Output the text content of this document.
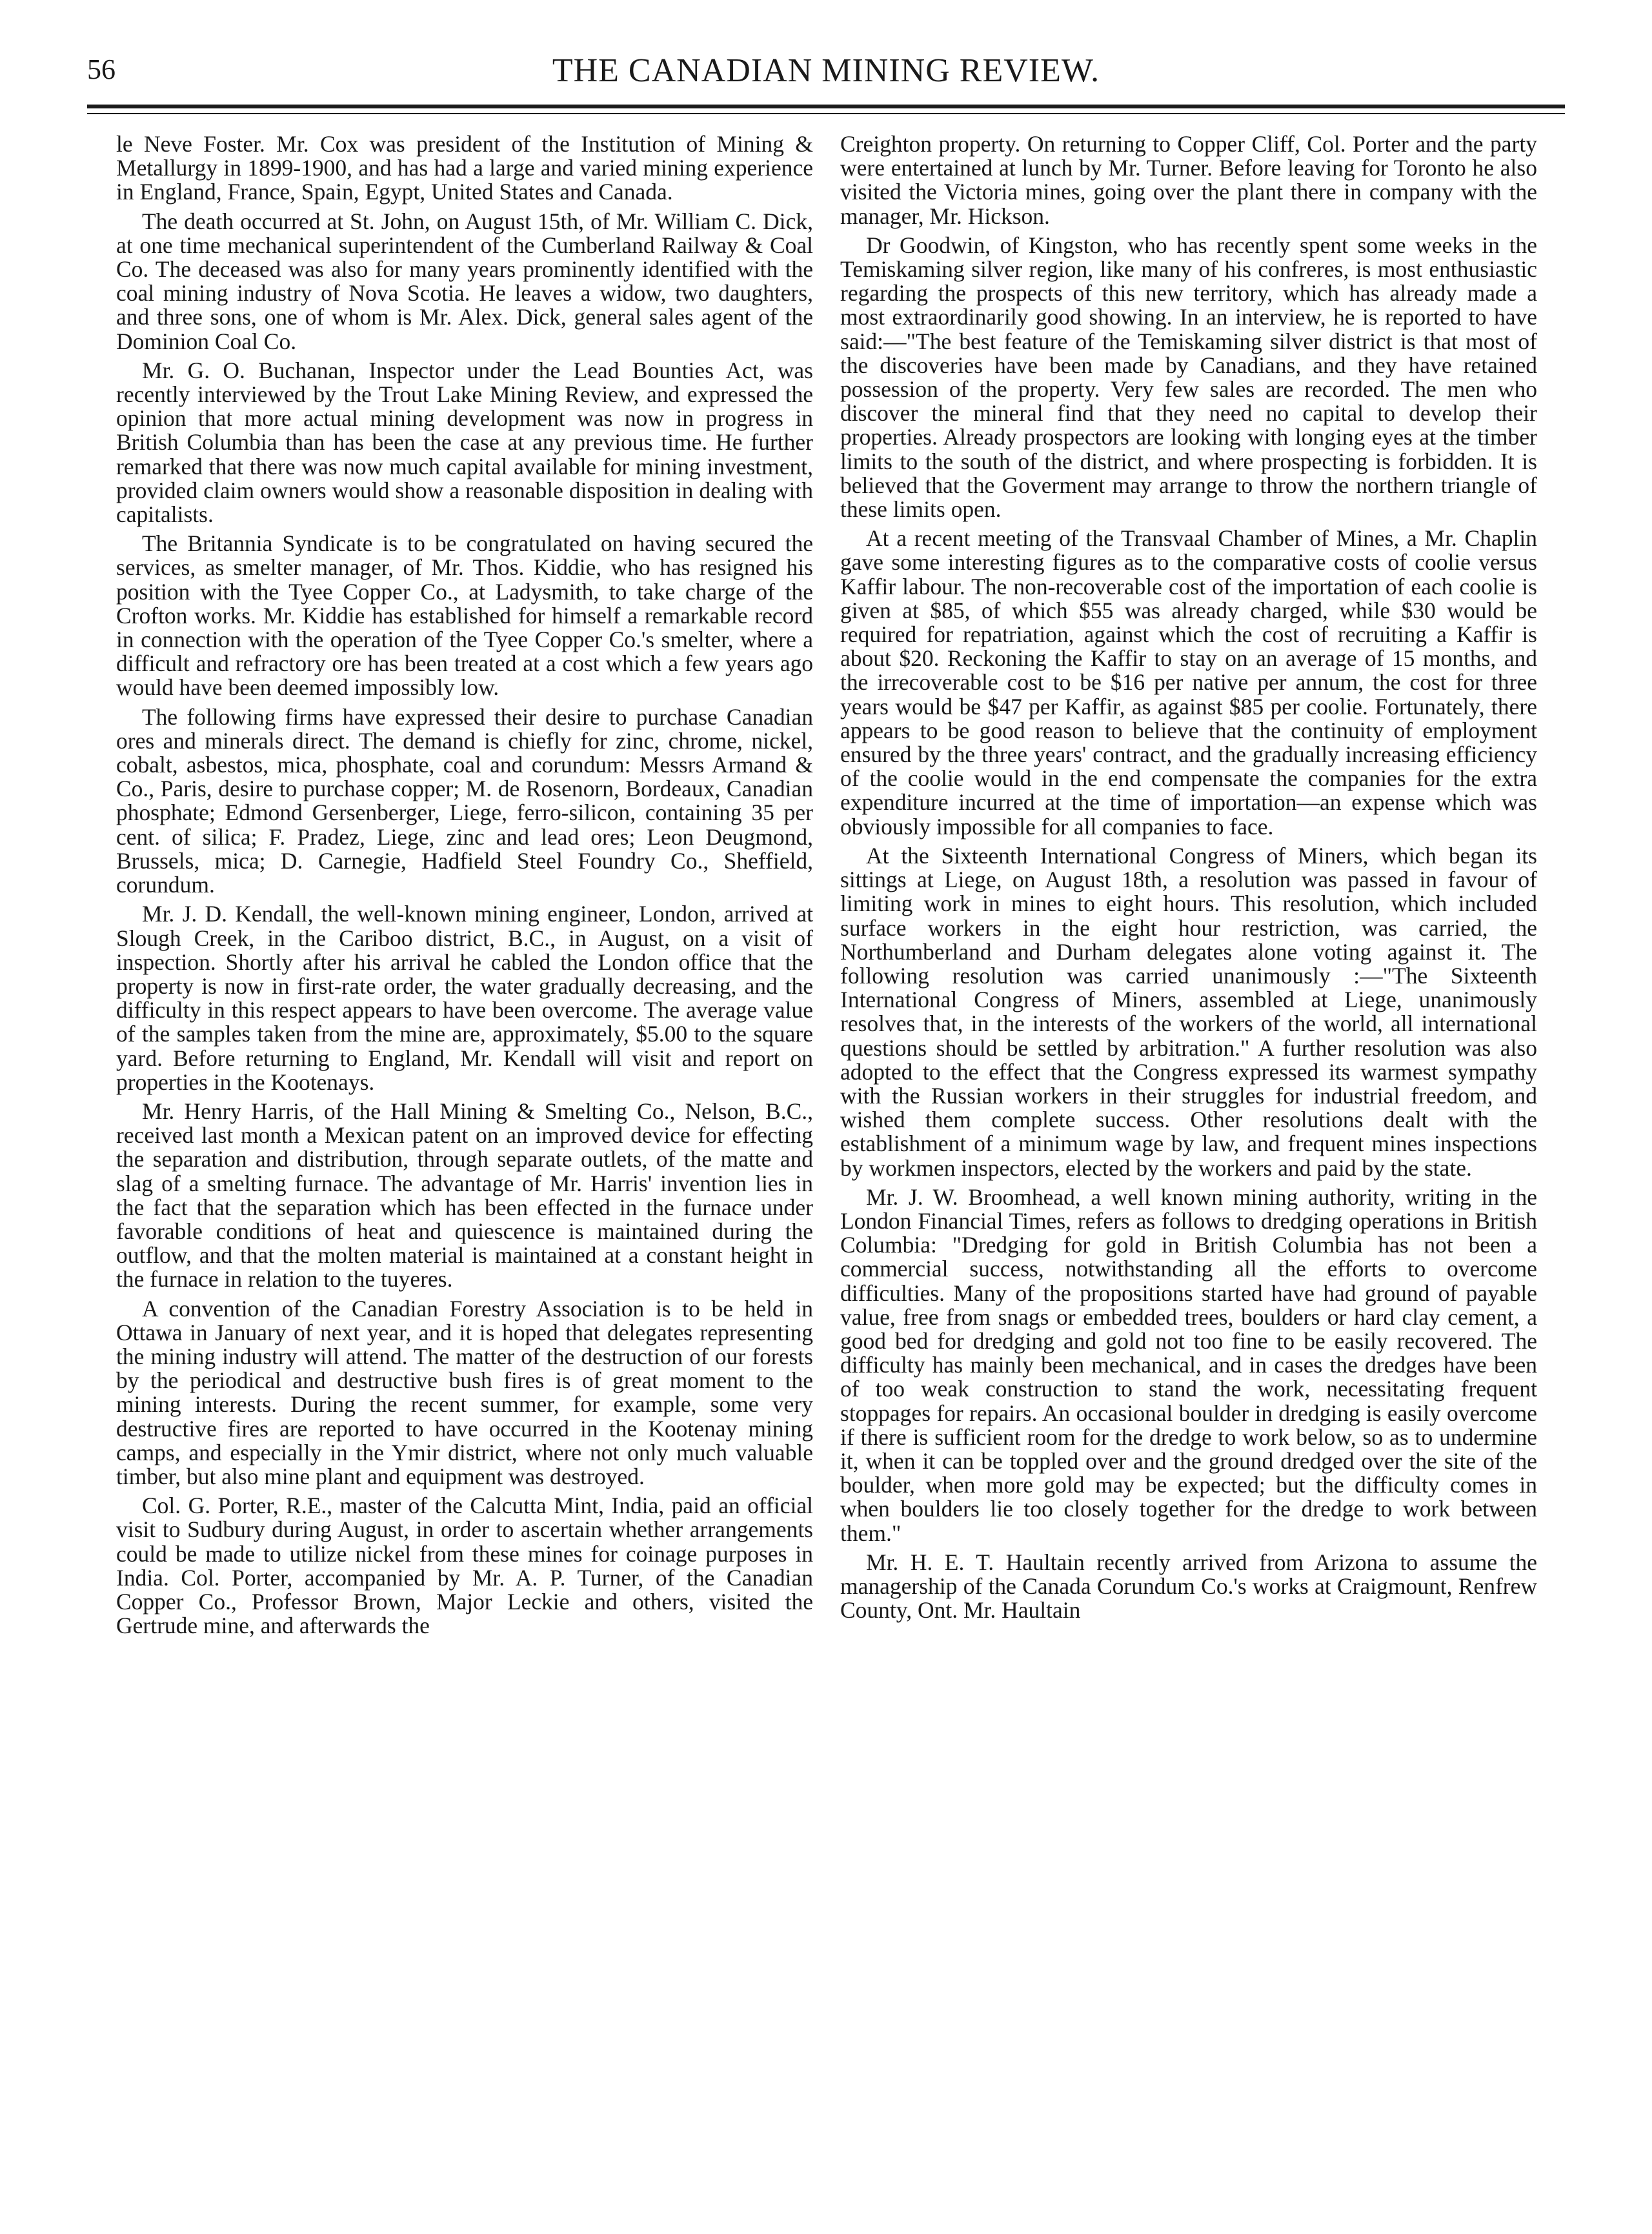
56	THE CANADIAN MINING REVIEW.

le Neve Foster. Mr. Cox was president of the Institution of Mining & Metallurgy in 1899-1900, and has had a large and varied mining experience in England, France, Spain, Egypt, United States and Canada.

The death occurred at St. John, on August 15th, of Mr. William C. Dick, at one time mechanical superintendent of the Cumberland Railway & Coal Co. The deceased was also for many years prominently identified with the coal mining industry of Nova Scotia. He leaves a widow, two daughters, and three sons, one of whom is Mr. Alex. Dick, general sales agent of the Dominion Coal Co.

Mr. G. O. Buchanan, Inspector under the Lead Bounties Act, was recently interviewed by the Trout Lake Mining Review, and expressed the opinion that more actual mining development was now in progress in British Columbia than has been the case at any previous time. He further remarked that there was now much capital available for mining investment, provided claim owners would show a reasonable disposition in dealing with capitalists.

The Britannia Syndicate is to be congratulated on having secured the services, as smelter manager, of Mr. Thos. Kiddie, who has resigned his position with the Tyee Copper Co., at Ladysmith, to take charge of the Crofton works. Mr. Kiddie has established for himself a remarkable record in connection with the operation of the Tyee Copper Co.'s smelter, where a difficult and refractory ore has been treated at a cost which a few years ago would have been deemed impossibly low.

The following firms have expressed their desire to purchase Canadian ores and minerals direct. The demand is chiefly for zinc, chrome, nickel, cobalt, asbestos, mica, phosphate, coal and corundum: Messrs Armand & Co., Paris, desire to purchase copper; M. de Rosenorn, Bordeaux, Canadian phosphate; Edmond Gersenberger, Liege, ferro-silicon, containing 35 per cent. of silica; F. Pradez, Liege, zinc and lead ores; Leon Deugmond, Brussels, mica; D. Carnegie, Hadfield Steel Foundry Co., Sheffield, corundum.

Mr. J. D. Kendall, the well-known mining engineer, London, arrived at Slough Creek, in the Cariboo district, B.C., in August, on a visit of inspection. Shortly after his arrival he cabled the London office that the property is now in first-rate order, the water gradually decreasing, and the difficulty in this respect appears to have been overcome. The average value of the samples taken from the mine are, approximately, $5.00 to the square yard. Before returning to England, Mr. Kendall will visit and report on properties in the Kootenays.

Mr. Henry Harris, of the Hall Mining & Smelting Co., Nelson, B.C., received last month a Mexican patent on an improved device for effecting the separation and distribution, through separate outlets, of the matte and slag of a smelting furnace. The advantage of Mr. Harris' invention lies in the fact that the separation which has been effected in the furnace under favorable conditions of heat and quiescence is maintained during the outflow, and that the molten material is maintained at a constant height in the furnace in relation to the tuyeres.

A convention of the Canadian Forestry Association is to be held in Ottawa in January of next year, and it is hoped that delegates representing the mining industry will attend. The matter of the destruction of our forests by the periodical and destructive bush fires is of great moment to the mining interests. During the recent summer, for example, some very destructive fires are reported to have occurred in the Kootenay mining camps, and especially in the Ymir district, where not only much valuable timber, but also mine plant and equipment was destroyed.

Col. G. Porter, R.E., master of the Calcutta Mint, India, paid an official visit to Sudbury during August, in order to ascertain whether arrangements could be made to utilize nickel from these mines for coinage purposes in India. Col. Porter, accompanied by Mr. A. P. Turner, of the Canadian Copper Co., Professor Brown, Major Leckie and others, visited the Gertrude mine, and afterwards the

Creighton property. On returning to Copper Cliff, Col. Porter and the party were entertained at lunch by Mr. Turner. Before leaving for Toronto he also visited the Victoria mines, going over the plant there in company with the manager, Mr. Hickson.

Dr Goodwin, of Kingston, who has recently spent some weeks in the Temiskaming silver region, like many of his confreres, is most enthusiastic regarding the prospects of this new territory, which has already made a most extraordinarily good showing. In an interview, he is reported to have said:—"The best feature of the Temiskaming silver district is that most of the discoveries have been made by Canadians, and they have retained possession of the property. Very few sales are recorded. The men who discover the mineral find that they need no capital to develop their properties. Already prospectors are looking with longing eyes at the timber limits to the south of the district, and where prospecting is forbidden. It is believed that the Goverment may arrange to throw the northern triangle of these limits open.

At a recent meeting of the Transvaal Chamber of Mines, a Mr. Chaplin gave some interesting figures as to the comparative costs of coolie versus Kaffir labour. The non-recoverable cost of the importation of each coolie is given at $85, of which $55 was already charged, while $30 would be required for repatriation, against which the cost of recruiting a Kaffir is about $20. Reckoning the Kaffir to stay on an average of 15 months, and the irrecoverable cost to be $16 per native per annum, the cost for three years would be $47 per Kaffir, as against $85 per coolie. Fortunately, there appears to be good reason to believe that the continuity of employment ensured by the three years' contract, and the gradually increasing efficiency of the coolie would in the end compensate the companies for the extra expenditure incurred at the time of importation—an expense which was obviously impossible for all companies to face.

At the Sixteenth International Congress of Miners, which began its sittings at Liege, on August 18th, a resolution was passed in favour of limiting work in mines to eight hours. This resolution, which included surface workers in the eight hour restriction, was carried, the Northumberland and Durham delegates alone voting against it. The following resolution was carried unanimously :—"The Sixteenth International Congress of Miners, assembled at Liege, unanimously resolves that, in the interests of the workers of the world, all international questions should be settled by arbitration." A further resolution was also adopted to the effect that the Congress expressed its warmest sympathy with the Russian workers in their struggles for industrial freedom, and wished them complete success. Other resolutions dealt with the establishment of a minimum wage by law, and frequent mines inspections by workmen inspectors, elected by the workers and paid by the state.

Mr. J. W. Broomhead, a well known mining authority, writing in the London Financial Times, refers as follows to dredging operations in British Columbia: "Dredging for gold in British Columbia has not been a commercial success, notwithstanding all the efforts to overcome difficulties. Many of the propositions started have had ground of payable value, free from snags or embedded trees, boulders or hard clay cement, a good bed for dredging and gold not too fine to be easily recovered. The difficulty has mainly been mechanical, and in cases the dredges have been of too weak construction to stand the work, necessitating frequent stoppages for repairs. An occasional boulder in dredging is easily overcome if there is sufficient room for the dredge to work below, so as to undermine it, when it can be toppled over and the ground dredged over the site of the boulder, when more gold may be expected; but the difficulty comes in when boulders lie too closely together for the dredge to work between them."

Mr. H. E. T. Haultain recently arrived from Arizona to assume the managership of the Canada Corundum Co.'s works at Craigmount, Renfrew County, Ont. Mr. Haultain
